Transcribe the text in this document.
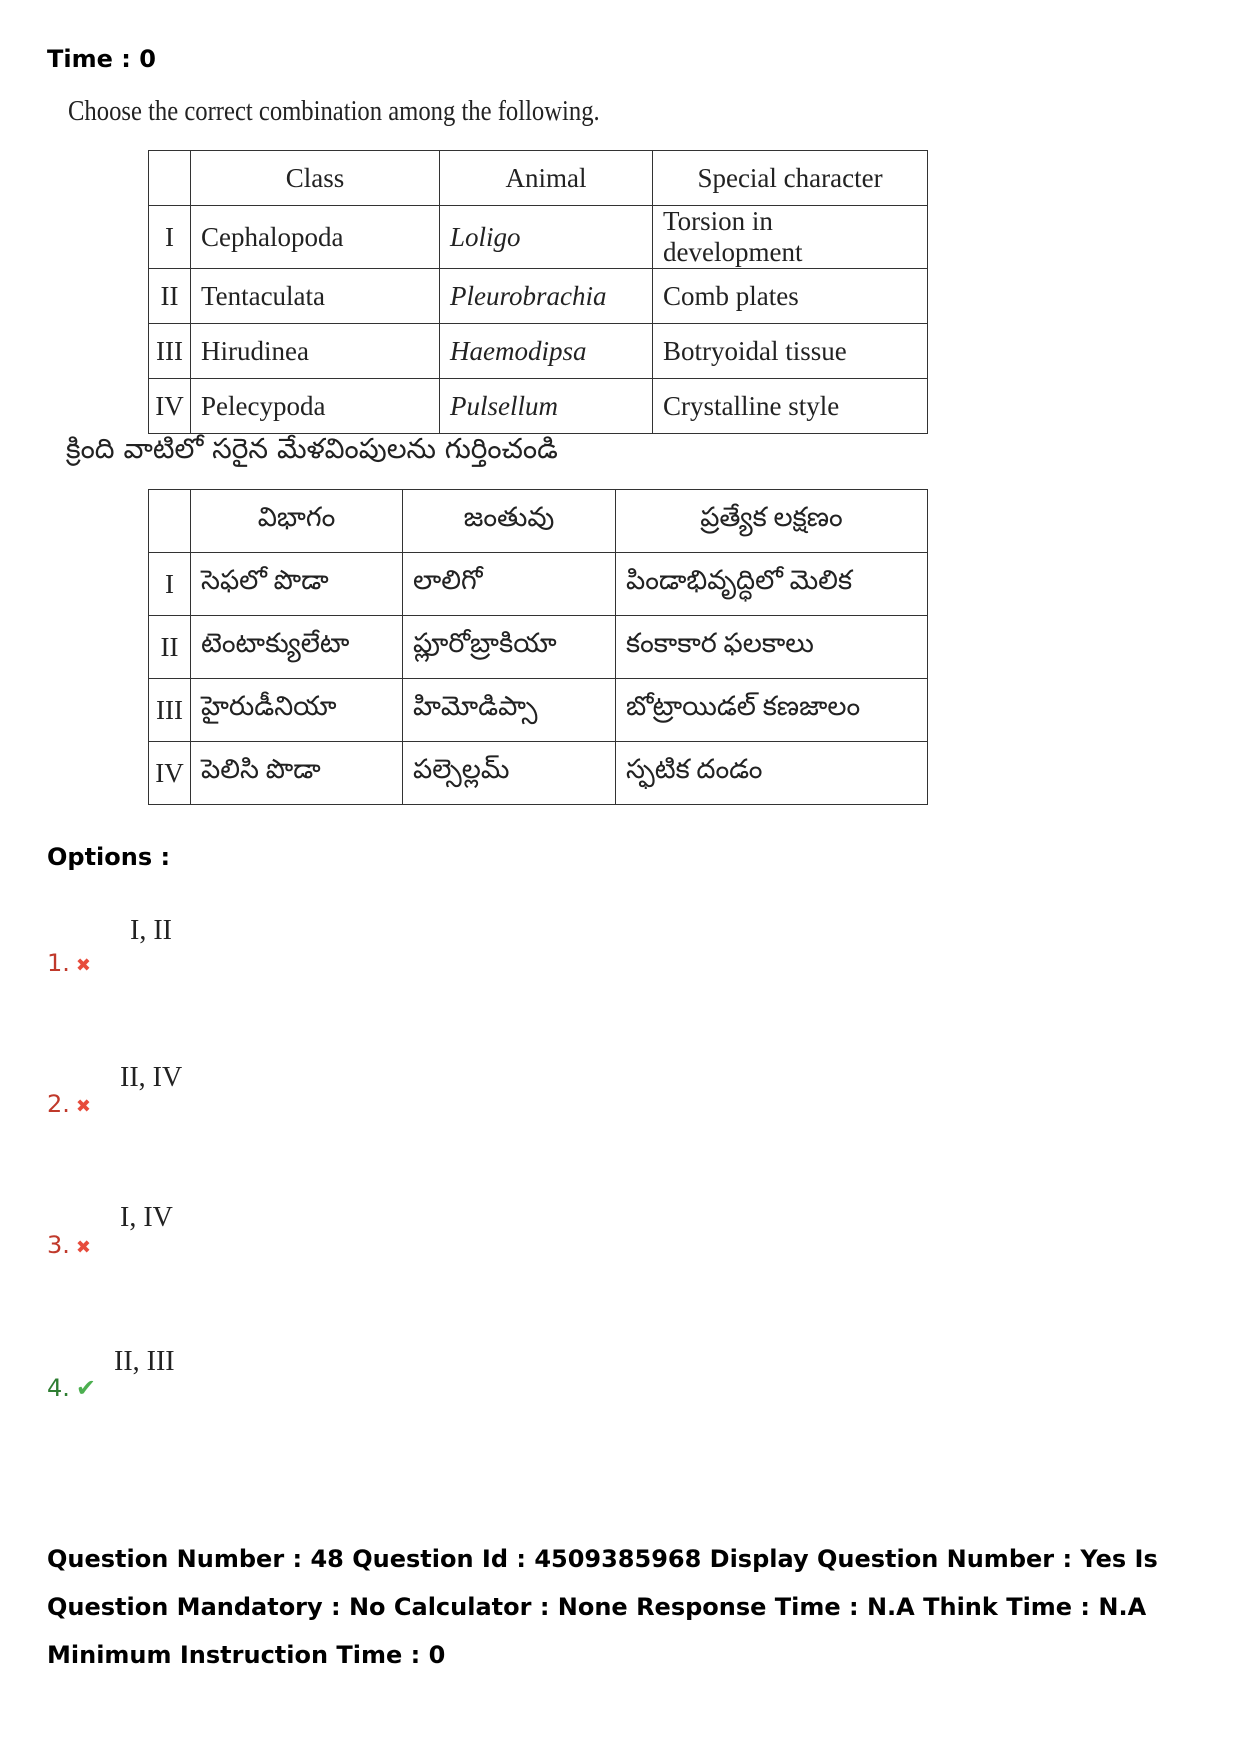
Time : 0
Choose the correct combination among the following.
	Class	Animal	Special character
I	Cephalopoda	Loligo	Torsion in development
II	Tentaculata	Pleurobrachia	Comb plates
III	Hirudinea	Haemodipsa	Botryoidal tissue
IV	Pelecypoda	Pulsellum	Crystalline style
క్రింది వాటిలో సరైన మేళవింపులను గుర్తించండి
	విభాగం	జంతువు	ప్రత్యేక లక్షణం
I	సెఫలో పొడా	లాలిగో	పిండాభివృద్ధిలో మెలిక
II	టెంటాక్యులేటా	ప్లూరోబ్రాకియా	కంకాకార ఫలకాలు
III	హైరుడీనియా	హిమోడిప్సా	బోట్రాయిడల్ కణజాలం
IV	పెలిసి పొడా	పల్సెల్లమ్	స్ఫటిక దండం
Options :
I, II
1. ✖
II, IV
2. ✖
I, IV
3. ✖
II, III
4. ✔
Question Number : 48 Question Id : 4509385968 Display Question Number : Yes Is Question Mandatory : No Calculator : None Response Time : N.A Think Time : N.A Minimum Instruction Time : 0
